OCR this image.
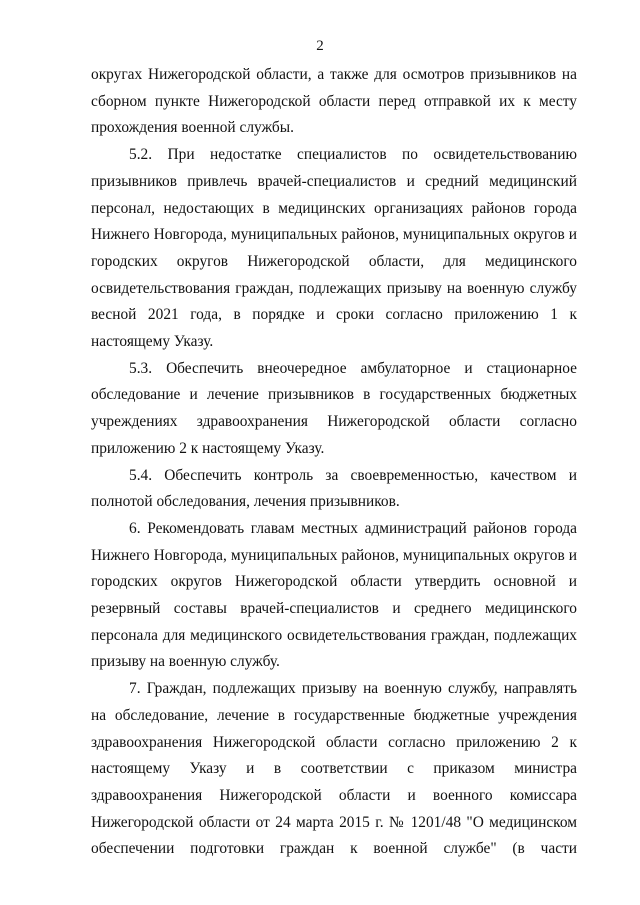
2

округах Нижегородской области, а также для осмотров призывников на сборном пункте Нижегородской области перед отправкой их к месту прохождения военной службы.

5.2. При недостатке специалистов по освидетельствованию призывников привлечь врачей-специалистов и средний медицинский персонал, недостающих в медицинских организациях районов города Нижнего Новгорода, муниципальных районов, муниципальных округов и городских округов Нижегородской области, для медицинского освидетельствования граждан, подлежащих призыву на военную службу весной 2021 года, в порядке и сроки согласно приложению 1 к настоящему Указу.

5.3. Обеспечить внеочередное амбулаторное и стационарное обследование и лечение призывников в государственных бюджетных учреждениях здравоохранения Нижегородской области согласно приложению 2 к настоящему Указу.

5.4. Обеспечить контроль за своевременностью, качеством и полнотой обследования, лечения призывников.

6. Рекомендовать главам местных администраций районов города Нижнего Новгорода, муниципальных районов, муниципальных округов и городских округов Нижегородской области утвердить основной и резервный составы врачей-специалистов и среднего медицинского персонала для медицинского освидетельствования граждан, подлежащих призыву на военную службу.

7. Граждан, подлежащих призыву на военную службу, направлять на обследование, лечение в государственные бюджетные учреждения здравоохранения Нижегородской области согласно приложению 2 к настоящему Указу и в соответствии с приказом министра здравоохранения Нижегородской области и военного комиссара Нижегородской области от 24 марта 2015 г. № 1201/48 "О медицинском обеспечении подготовки граждан к военной службе" (в части
